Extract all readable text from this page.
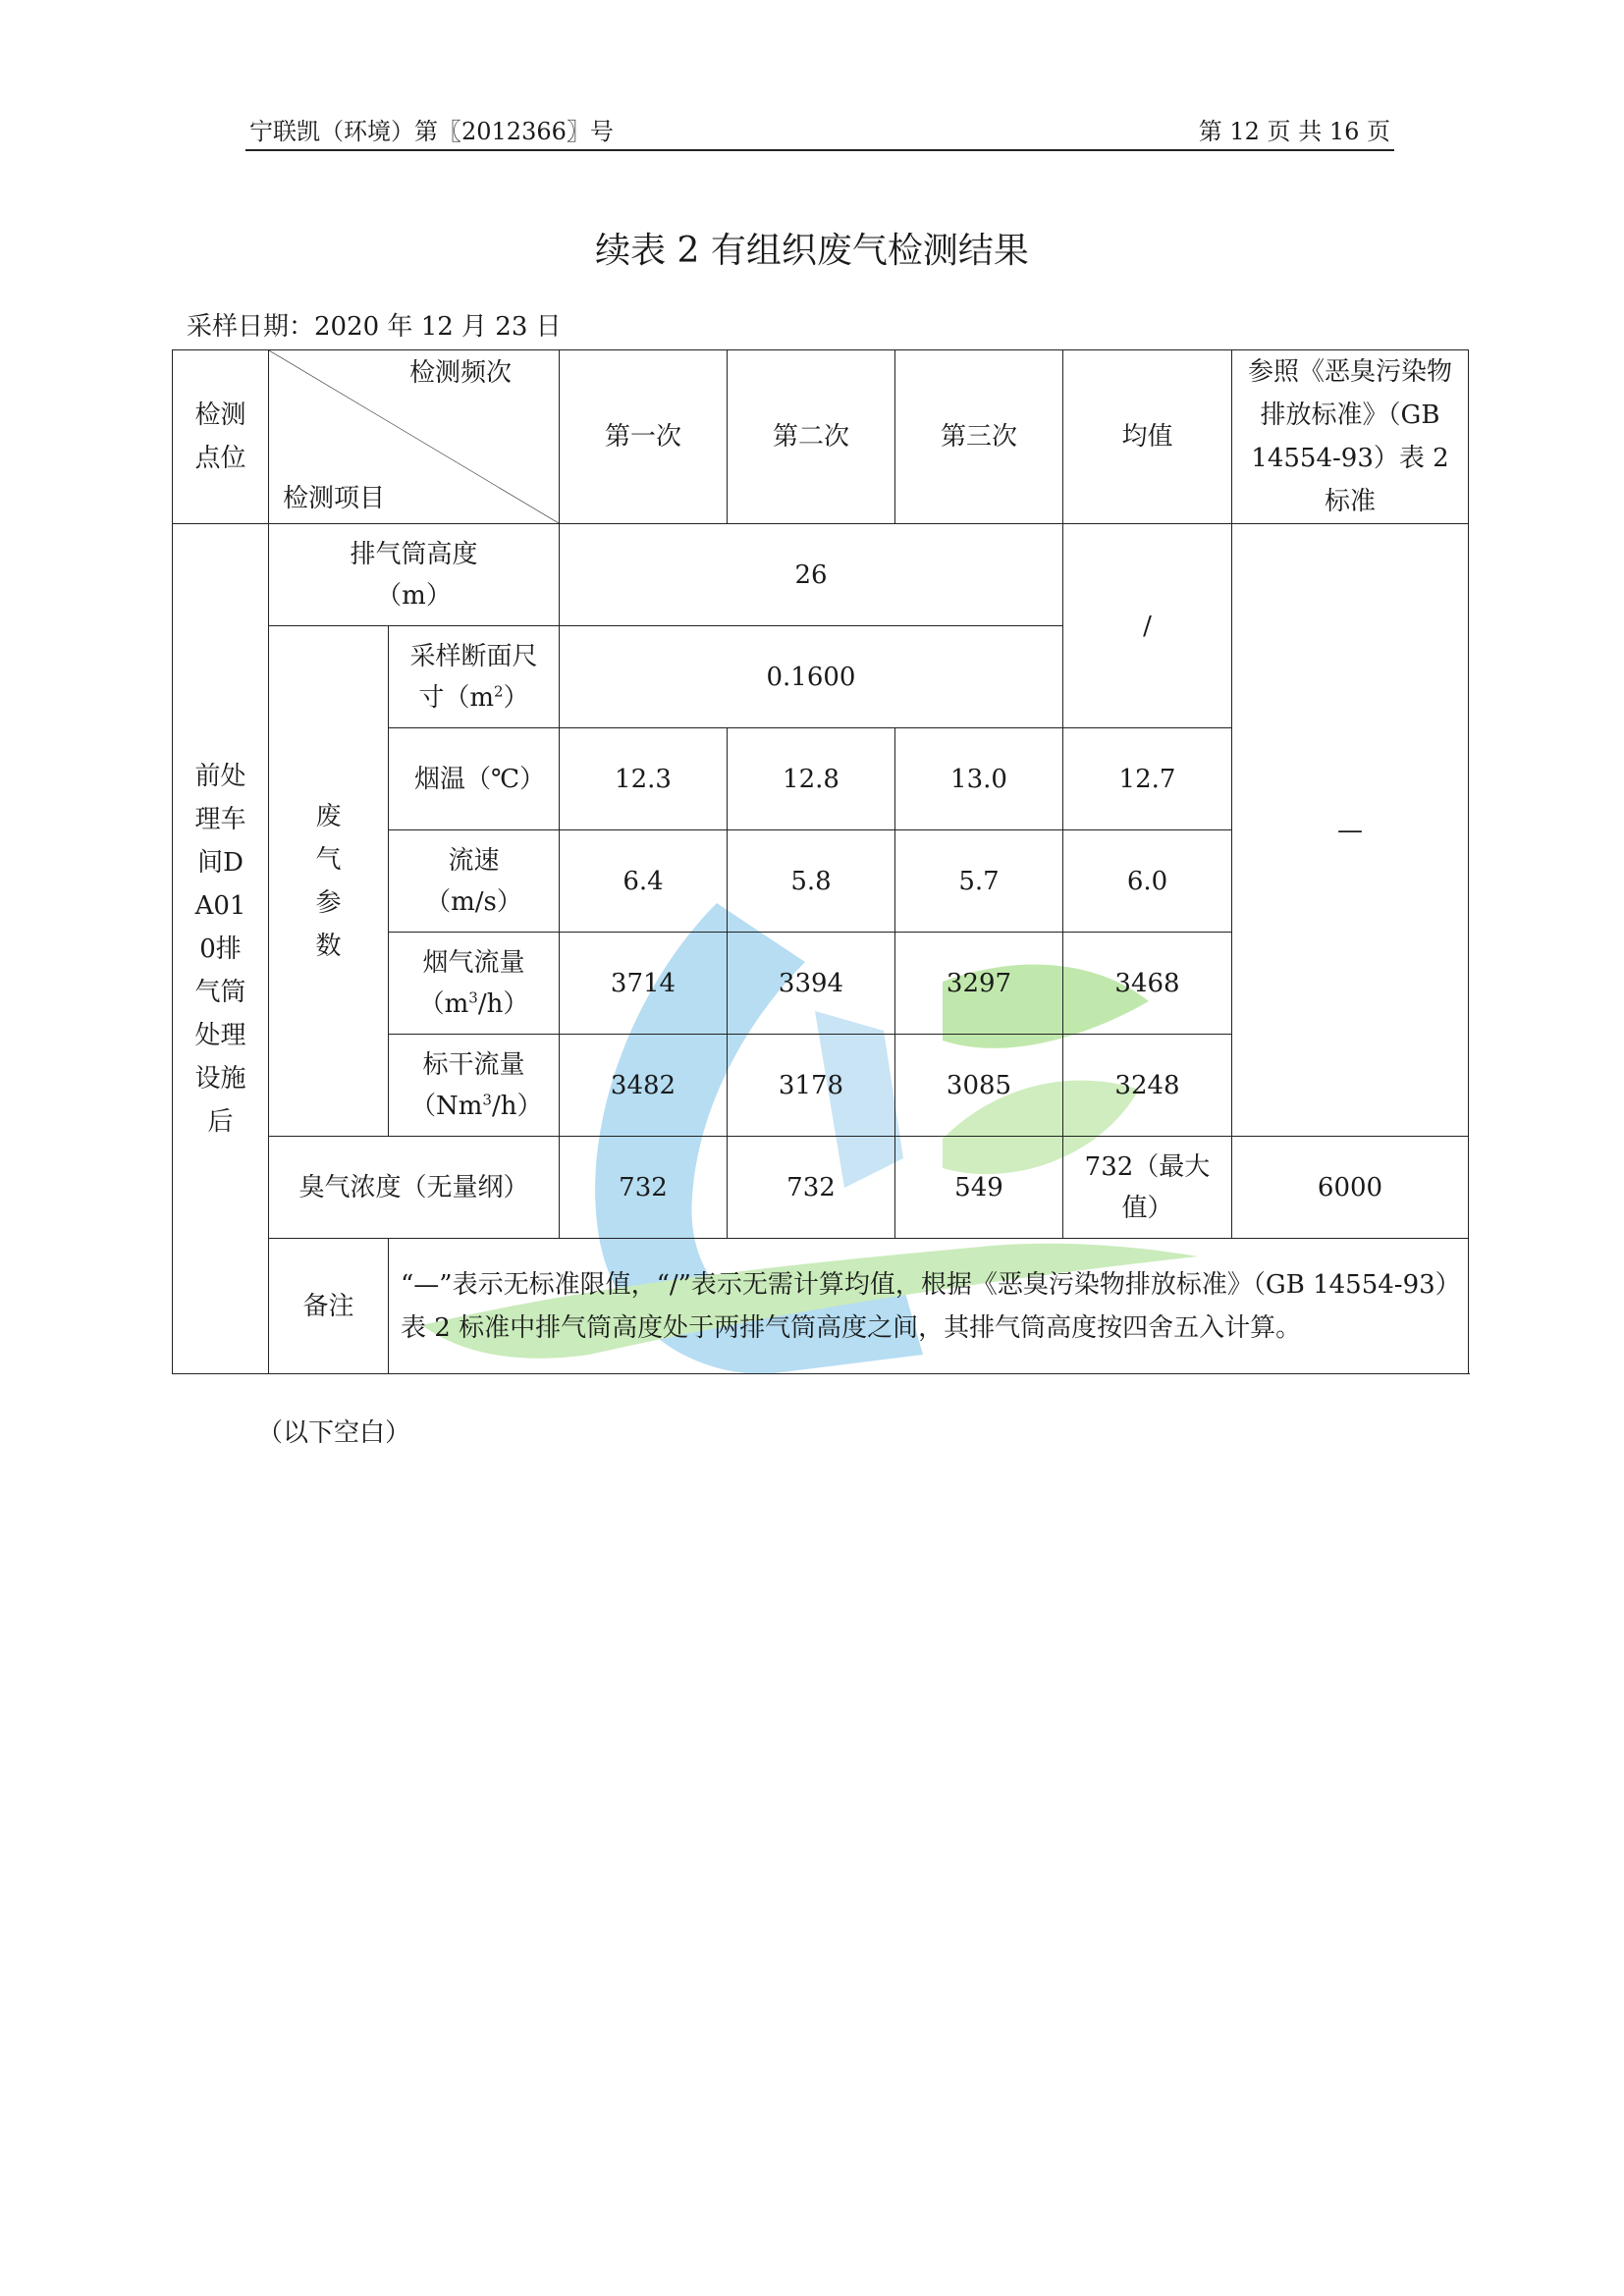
宁联凯（环境）第〖2012366〗号	第 12 页 共 16 页
续表 2 有组织废气检测结果
采样日期：2020 年 12 月 23 日
检测点位	检测频次
检测项目		第一次	第二次	第三次	均值	参照《恶臭污染物排放标准》（GB 14554-93）表 2 标准
前处理车间DA010排气筒处理设施后	排气筒高度（m）		26			/	—
	废气参数	采样断面尺寸$(m^2)$	0.1600				
		烟温（℃）	12.3	12.8	13.0	12.7	
		流速（m/s）	6.4	5.8	5.7	6.0	
		烟气流量$(m^3/h)$	3714	3394	3297	3468	
		标干流量（Nm$^3$/h）	3482	3178	3085	3248	
	臭气浓度（无量纲）		732	732	549	732（最大值）	6000
	备注	“—”表示无标准限值，“/”表示无需计算均值，根据《恶臭污染物排放标准》（GB 14554-93）表 2 标准中排气筒高度处于两排气筒高度之间，其排气筒高度按四舍五入计算。					
（以下空白）
